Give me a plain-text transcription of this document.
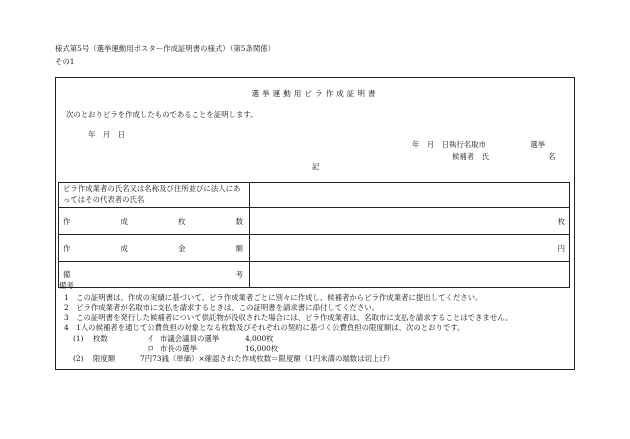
様式第5号（選挙運動用ポスター作成証明書の様式）（第5条関係）
その1
選挙運動用ビラ作成証明書
次のとおりビラを作成したものであることを証明します。
年　月　日
年　月　日執行名取市　　　　　　選挙
候補者　氏　　　　　　　　名
記
ビラ作成業者の氏名又は名称及び住所並びに法人にあってはその代表者の氏名	

作 成 枚 数	枚

作 成 金 額	円

備 考	

備考
1　この証明書は、作成の実績に基づいて、ビラ作成業者ごとに別々に作成し、候補者からビラ作成業者に提出してください。
2　ビラ作成業者が名取市に支払を請求するときは、この証明書を請求書に添付してください。
3　この証明書を発行した候補者について供託物が没収された場合には、ビラ作成業者は、名取市に支払を請求することはできません。
4　1人の候補者を通じて公費負担の対象となる枚数及びそれぞれの契約に基づく公費負担の限度額は、次のとおりです。
(1) 枚数	イ 市議会議員の選挙	4,000枚
ロ 市長の選挙	16,000枚
(2) 限度額	7円73銭（単価）×確認された作成枚数＝限度額（1円未満の端数は切上げ）
